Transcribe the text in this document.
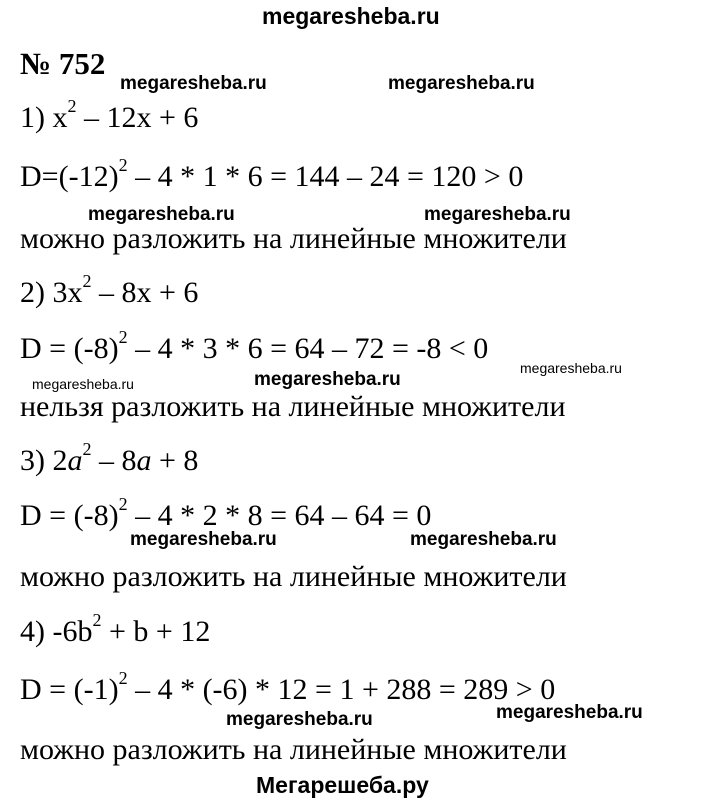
megaresheba.ru
Мегарешеба.ру
megaresheba.ru	megaresheba.ru
megaresheba.ru	megaresheba.ru
megaresheba.ru	megaresheba.ru
megaresheba.ru
megaresheba.ru	megaresheba.ru
megaresheba.ru	megaresheba.ru
№ 752
1) $x^2 - 12x + 6$
$D=(-12)^2 - 4 * 1 * 6 = 144 - 24 = 120 > 0$
можно разложить на линейные множители
2) $3x^2 - 8x + 6$
$D = (-8)^2 - 4 * 3 * 6 = 64 - 72 = -8 < 0$
нельзя разложить на линейные множители
3) $2a^2 - 8a + 8$
$D = (-8)^2 - 4 * 2 * 8 = 64 - 64 = 0$
можно разложить на линейные множители
4) $-6b^2 + b + 12$
$D = (-1)^2 - 4 * (-6) * 12 = 1 + 288 = 289 > 0$
можно разложить на линейные множители
